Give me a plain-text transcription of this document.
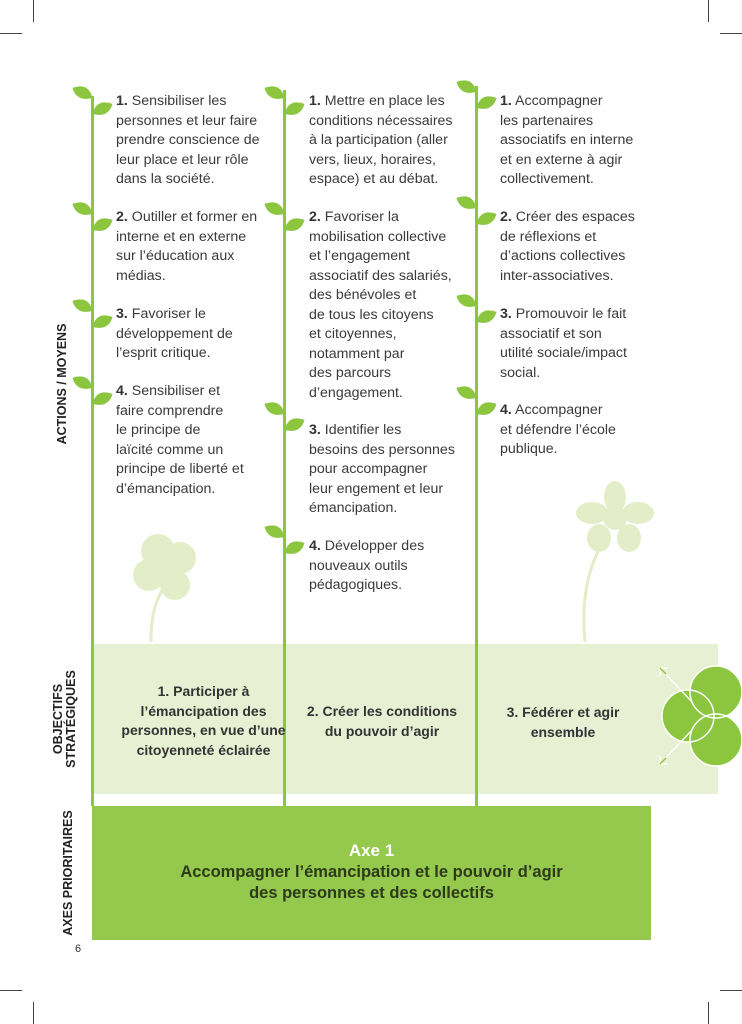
ACTIONS / MOYENS
OBJECTIFS STRATÉGIQUES
AXES PRIORITAIRES
1. Sensibiliser les
personnes et leur faire
prendre conscience de
leur place et leur rôle
dans la société.
2. Outiller et former en
interne et en externe
sur l’éducation aux
médias.
3. Favoriser le
développement de
l’esprit critique.
4. Sensibiliser et
faire comprendre
le principe de
laïcité comme un
principe de liberté et
d’émancipation.
1. Mettre en place les
conditions nécessaires
à la participation (aller
vers, lieux, horaires,
espace) et au débat.
2. Favoriser la
mobilisation collective
et l’engagement
associatif des salariés,
des bénévoles et
de tous les citoyens
et citoyennes,
notamment par
des parcours
d’engagement.
3. Identifier les
besoins des personnes
pour accompagner
leur engement et leur
émancipation.
4. Développer des
nouveaux outils
pédagogiques.
1. Accompagner
les partenaires
associatifs en interne
et en externe à agir
collectivement.
2. Créer des espaces
de réflexions et
d’actions collectives
inter-associatives.
3. Promouvoir le fait
associatif et son
utilité sociale/impact
social.
4. Accompagner
et défendre l’école
publique.
1. Participer à
l’émancipation des
personnes, en vue d’une
citoyenneté éclairée
2. Créer les conditions
du pouvoir d’agir
3. Fédérer et agir
ensemble
Axe 1
Accompagner l’émancipation et le pouvoir d’agir
des personnes et des collectifs
6
